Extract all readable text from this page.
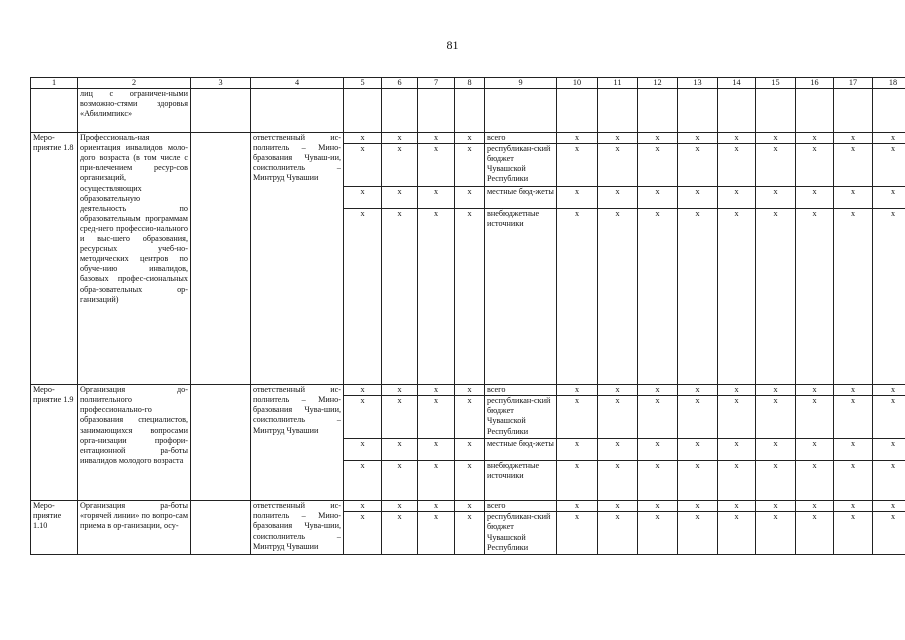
81
1	2	3	4	5	6	7	8	9	10	11	12	13	14	15	16	17	18
	лиц с ограничен-ными возможно-стями здоровья «Абилимпикс»																
Меро-приятие 1.8	Профессиональ-ная ориентация инвалидов моло-дого возраста (в том числе с при-влечением ресур-сов организаций, осуществляющих образовательную деятельность по образовательным программам сред-него профессио-нального и выс-шего образования, ресурсных учеб-но-методических центров по обуче-нию инвалидов, базовых профес-сиональных обра-зовательных ор-ганизаций)		ответственный ис-полнитель – Мино-бразования Чуваш-ии, соисполнитель – Минтруд Чувашии	x	x	x	x	всего	x	x	x	x	x	x	x	x	x
				x	x	x	x	республикан-ский бюджет Чувашской Республики	x	x	x	x	x	x	x	x	x
				x	x	x	x	местные бюд-жеты	x	x	x	x	x	x	x	x	x
				x	x	x	x	внебюджетные источники	x	x	x	x	x	x	x	x	x
Меро-приятие 1.9	Организация до-полнительного профессионально-го образования специалистов, занимающихся вопросами орга-низации профори-ентационной ра-боты инвалидов молодого возраста		ответственный ис-полнитель – Мино-бразования Чува-шии, соисполнитель – Минтруд Чувашии	x	x	x	x	всего	x	x	x	x	x	x	x	x	x
				x	x	x	x	республикан-ский бюджет Чувашской Республики	x	x	x	x	x	x	x	x	x
				x	x	x	x	местные бюд-жеты	x	x	x	x	x	x	x	x	x
				x	x	x	x	внебюджетные источники	x	x	x	x	x	x	x	x	x
Меро-приятие 1.10	Организация ра-боты «горячей линии» по вопро-сам приема в ор-ганизации, осу-		ответственный ис-полнитель – Мино-бразования Чува-шии, соисполнитель – Минтруд Чувашии	x	x	x	x	всего	x	x	x	x	x	x	x	x	x
				x	x	x	x	республикан-ский бюджет Чувашской Республики	x	x	x	x	x	x	x	x	x
